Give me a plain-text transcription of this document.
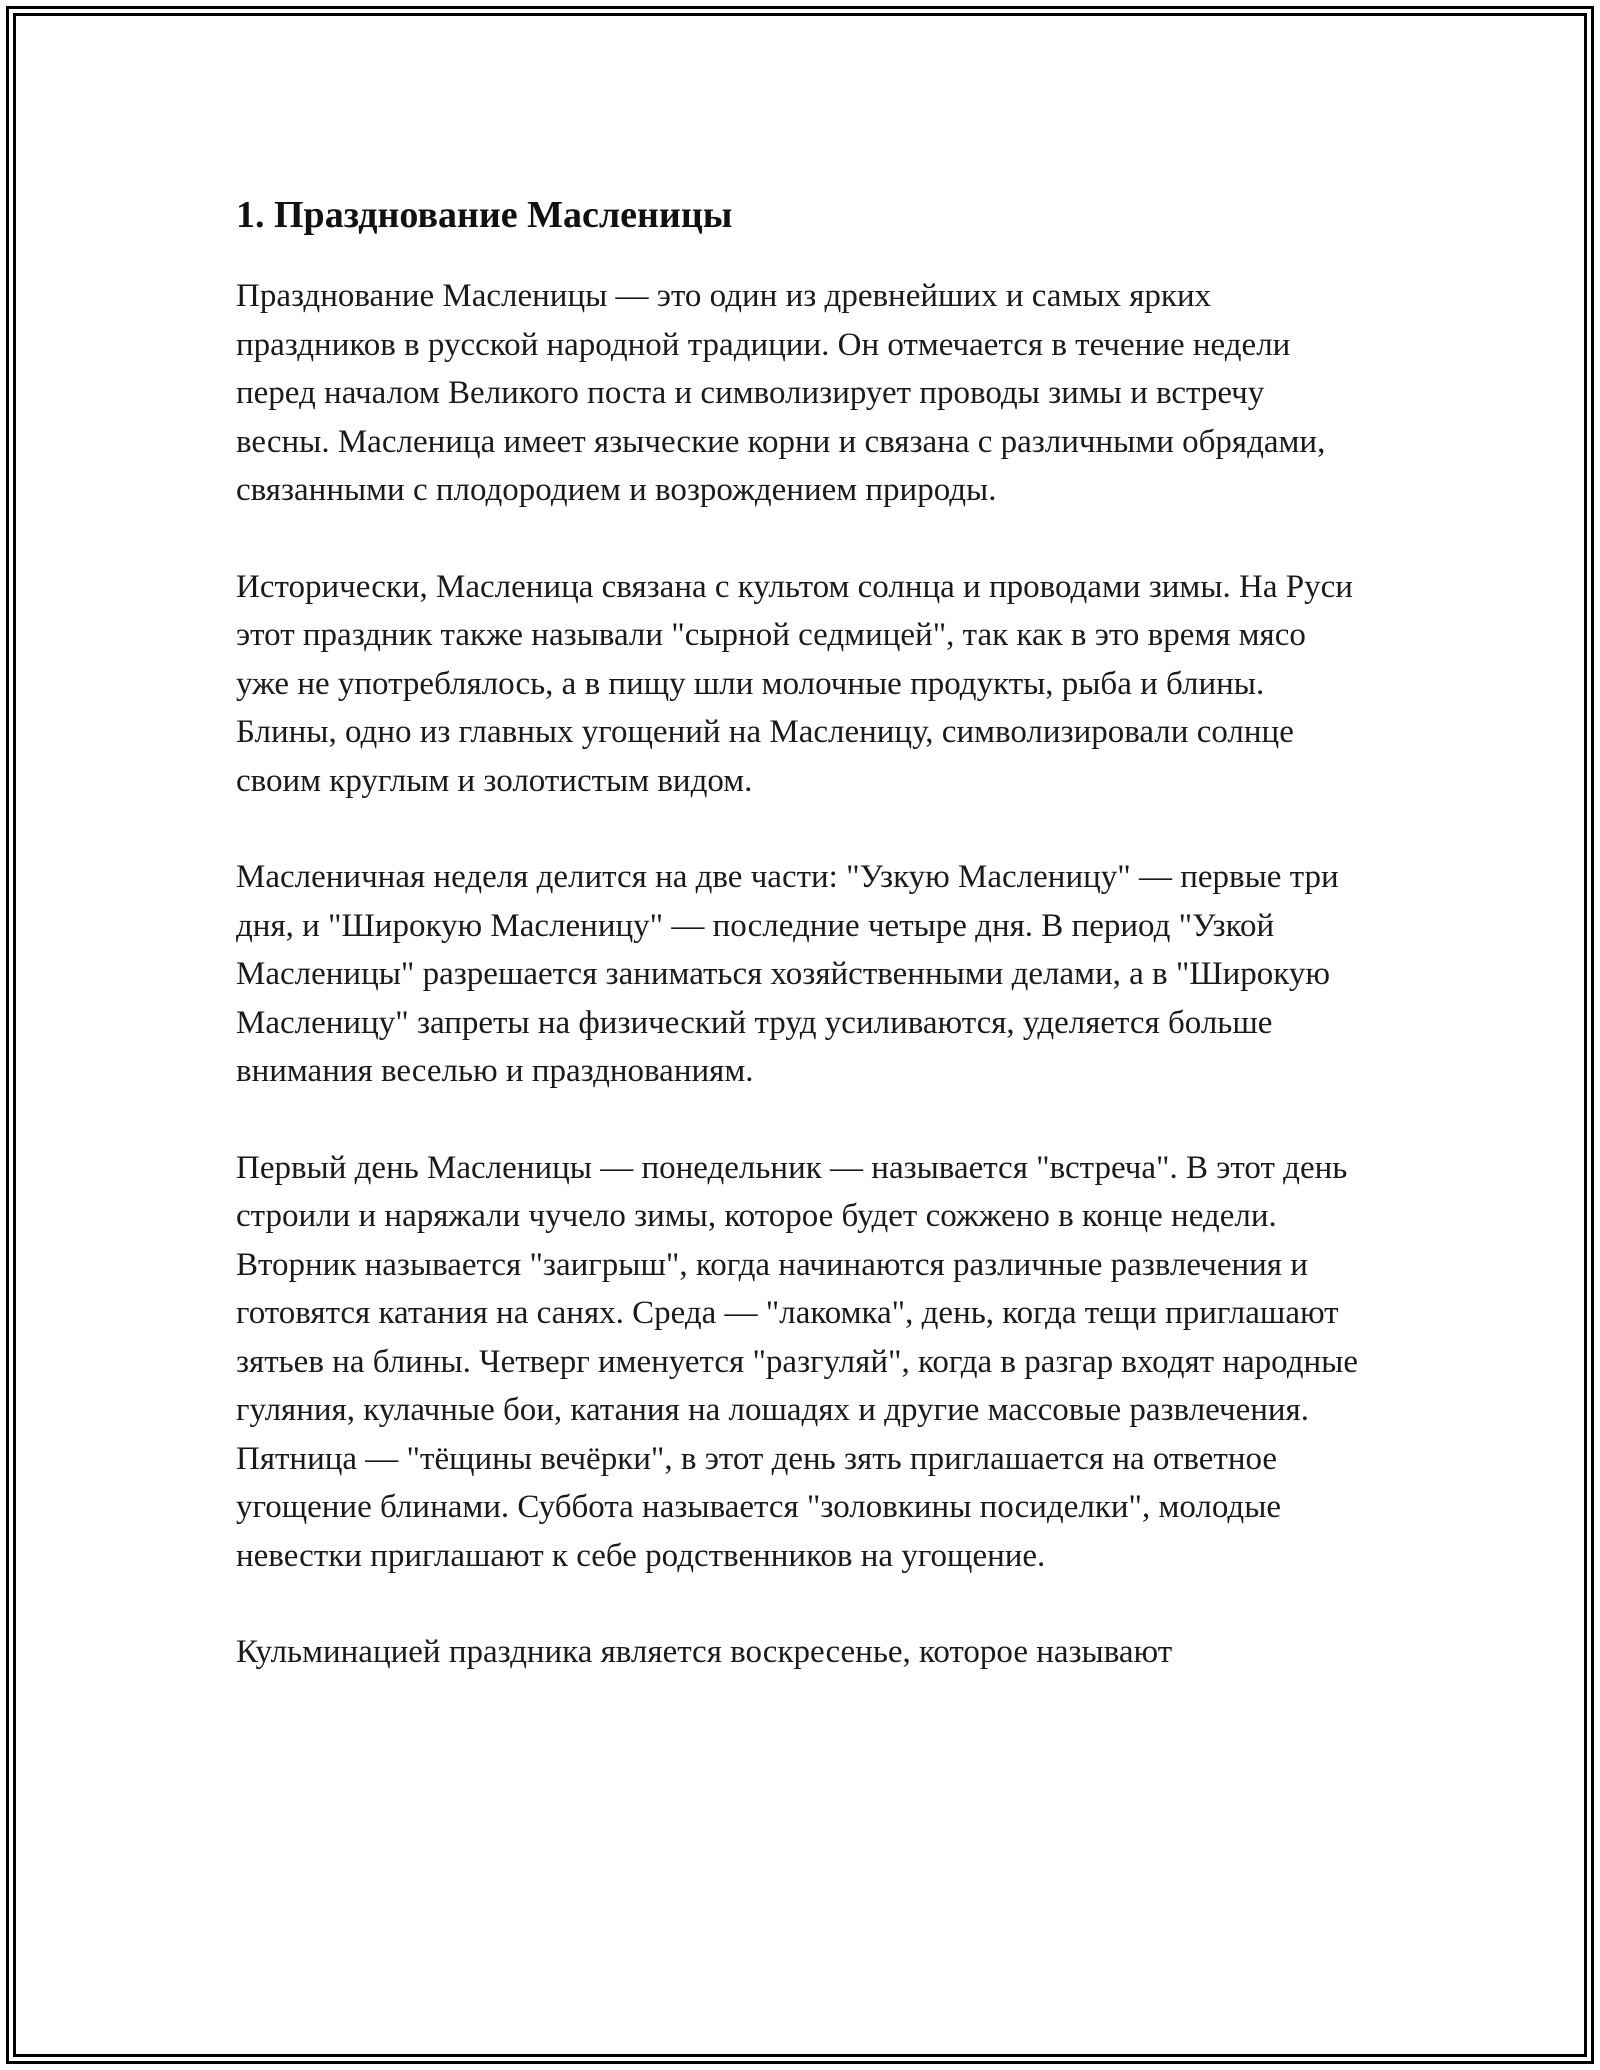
1. Празднование Масленицы

Празднование Масленицы — это один из древнейших и самых ярких праздников в русской народной традиции. Он отмечается в течение недели перед началом Великого поста и символизирует проводы зимы и встречу весны. Масленица имеет языческие корни и связана с различными обрядами, связанными с плодородием и возрождением природы.

Исторически, Масленица связана с культом солнца и проводами зимы. На Руси этот праздник также называли "сырной седмицей", так как в это время мясо уже не употреблялось, а в пищу шли молочные продукты, рыба и блины. Блины, одно из главных угощений на Масленицу, символизировали солнце своим круглым и золотистым видом.

Масленичная неделя делится на две части: "Узкую Масленицу" — первые три дня, и "Широкую Масленицу" — последние четыре дня. В период "Узкой Масленицы" разрешается заниматься хозяйственными делами, а в "Широкую Масленицу" запреты на физический труд усиливаются, уделяется больше внимания веселью и празднованиям.

Первый день Масленицы — понедельник — называется "встреча". В этот день строили и наряжали чучело зимы, которое будет сожжено в конце недели. Вторник называется "заигрыш", когда начинаются различные развлечения и готовятся катания на санях. Среда — "лакомка", день, когда тещи приглашают зятьев на блины. Четверг именуется "разгуляй", когда в разгар входят народные гуляния, кулачные бои, катания на лошадях и другие массовые развлечения. Пятница — "тёщины вечёрки", в этот день зять приглашается на ответное угощение блинами. Суббота называется "золовкины посиделки", молодые невестки приглашают к себе родственников на угощение.

Кульминацией праздника является воскресенье, которое называют
